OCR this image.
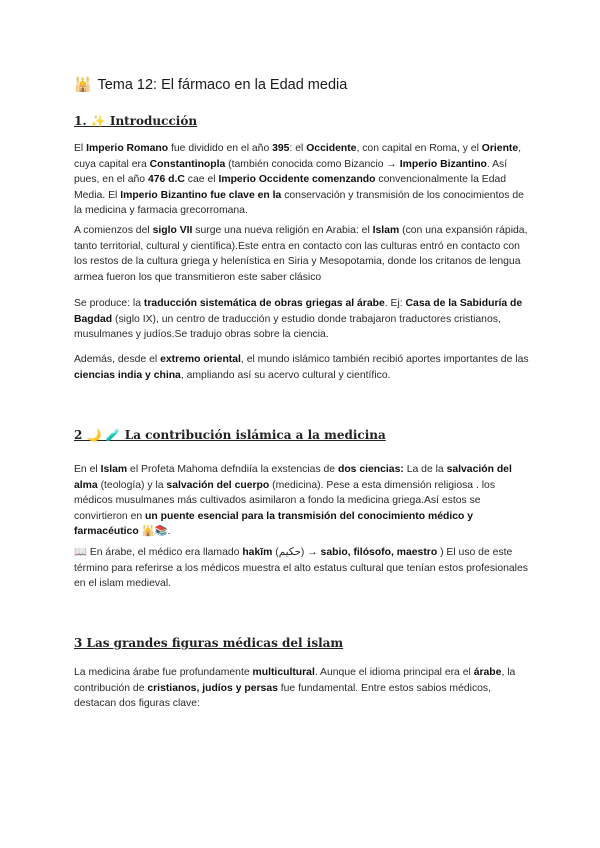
🕌 Tema 12: El fármaco en la Edad media
1. ✨ Introducción

El Imperio Romano fue dividido en el año 395: el Occidente, con capital en Roma, y el Oriente, cuya capital era Constantinopla (también conocida como Bizancio → Imperio Bizantino. Así pues, en el año 476 d.C cae el Imperio Occidente comenzando convencionalmente la Edad Media. El Imperio Bizantino fue clave en la conservación y transmisión de los conocimientos de la medicina y farmacia grecorromana.

A comienzos del siglo VII surge una nueva religión en Arabia: el Islam (con una expansión rápida, tanto territorial, cultural y científica).Este entra en contacto con las culturas entró en contacto con los restos de la cultura griega y helenística en Siria y Mesopotamia, donde los critanos de lengua armea fueron los que transmitieron este saber clásico

Se produce: la traducción sistemática de obras griegas al árabe. Ej: Casa de la Sabiduría de Bagdad (siglo IX), un centro de traducción y estudio donde trabajaron traductores cristianos, musulmanes y judíos.Se tradujo obras sobre la ciencia.

Además, desde el extremo oriental, el mundo islámico también recibió aportes importantes de las ciencias india y china, ampliando así su acervo cultural y científico.

2 🌙 🧪 La contribución islámica a la medicina

En el Islam el Profeta Mahoma defndiía la exstencias de dos ciencias: La de la salvación del alma (teología) y la salvación del cuerpo (medicina). Pese a esta dimensión religiosa . los médicos musulmanes más cultivados asimilaron a fondo la medicina griega.Así estos se convirtieron en un puente esencial para la transmisión del conocimiento médico y farmacéutico 🕌📚.

📖 En árabe, el médico era llamado hakīm (حكيم) → sabio, filósofo, maestro ) El uso de este término para referirse a los médicos muestra el alto estatus cultural que tenían estos profesionales en el islam medieval.

3 Las grandes figuras médicas del islam

La medicina árabe fue profundamente multicultural. Aunque el idioma principal era el árabe, la contribución de cristianos, judíos y persas fue fundamental. Entre estos sabios médicos, destacan dos figuras clave:
